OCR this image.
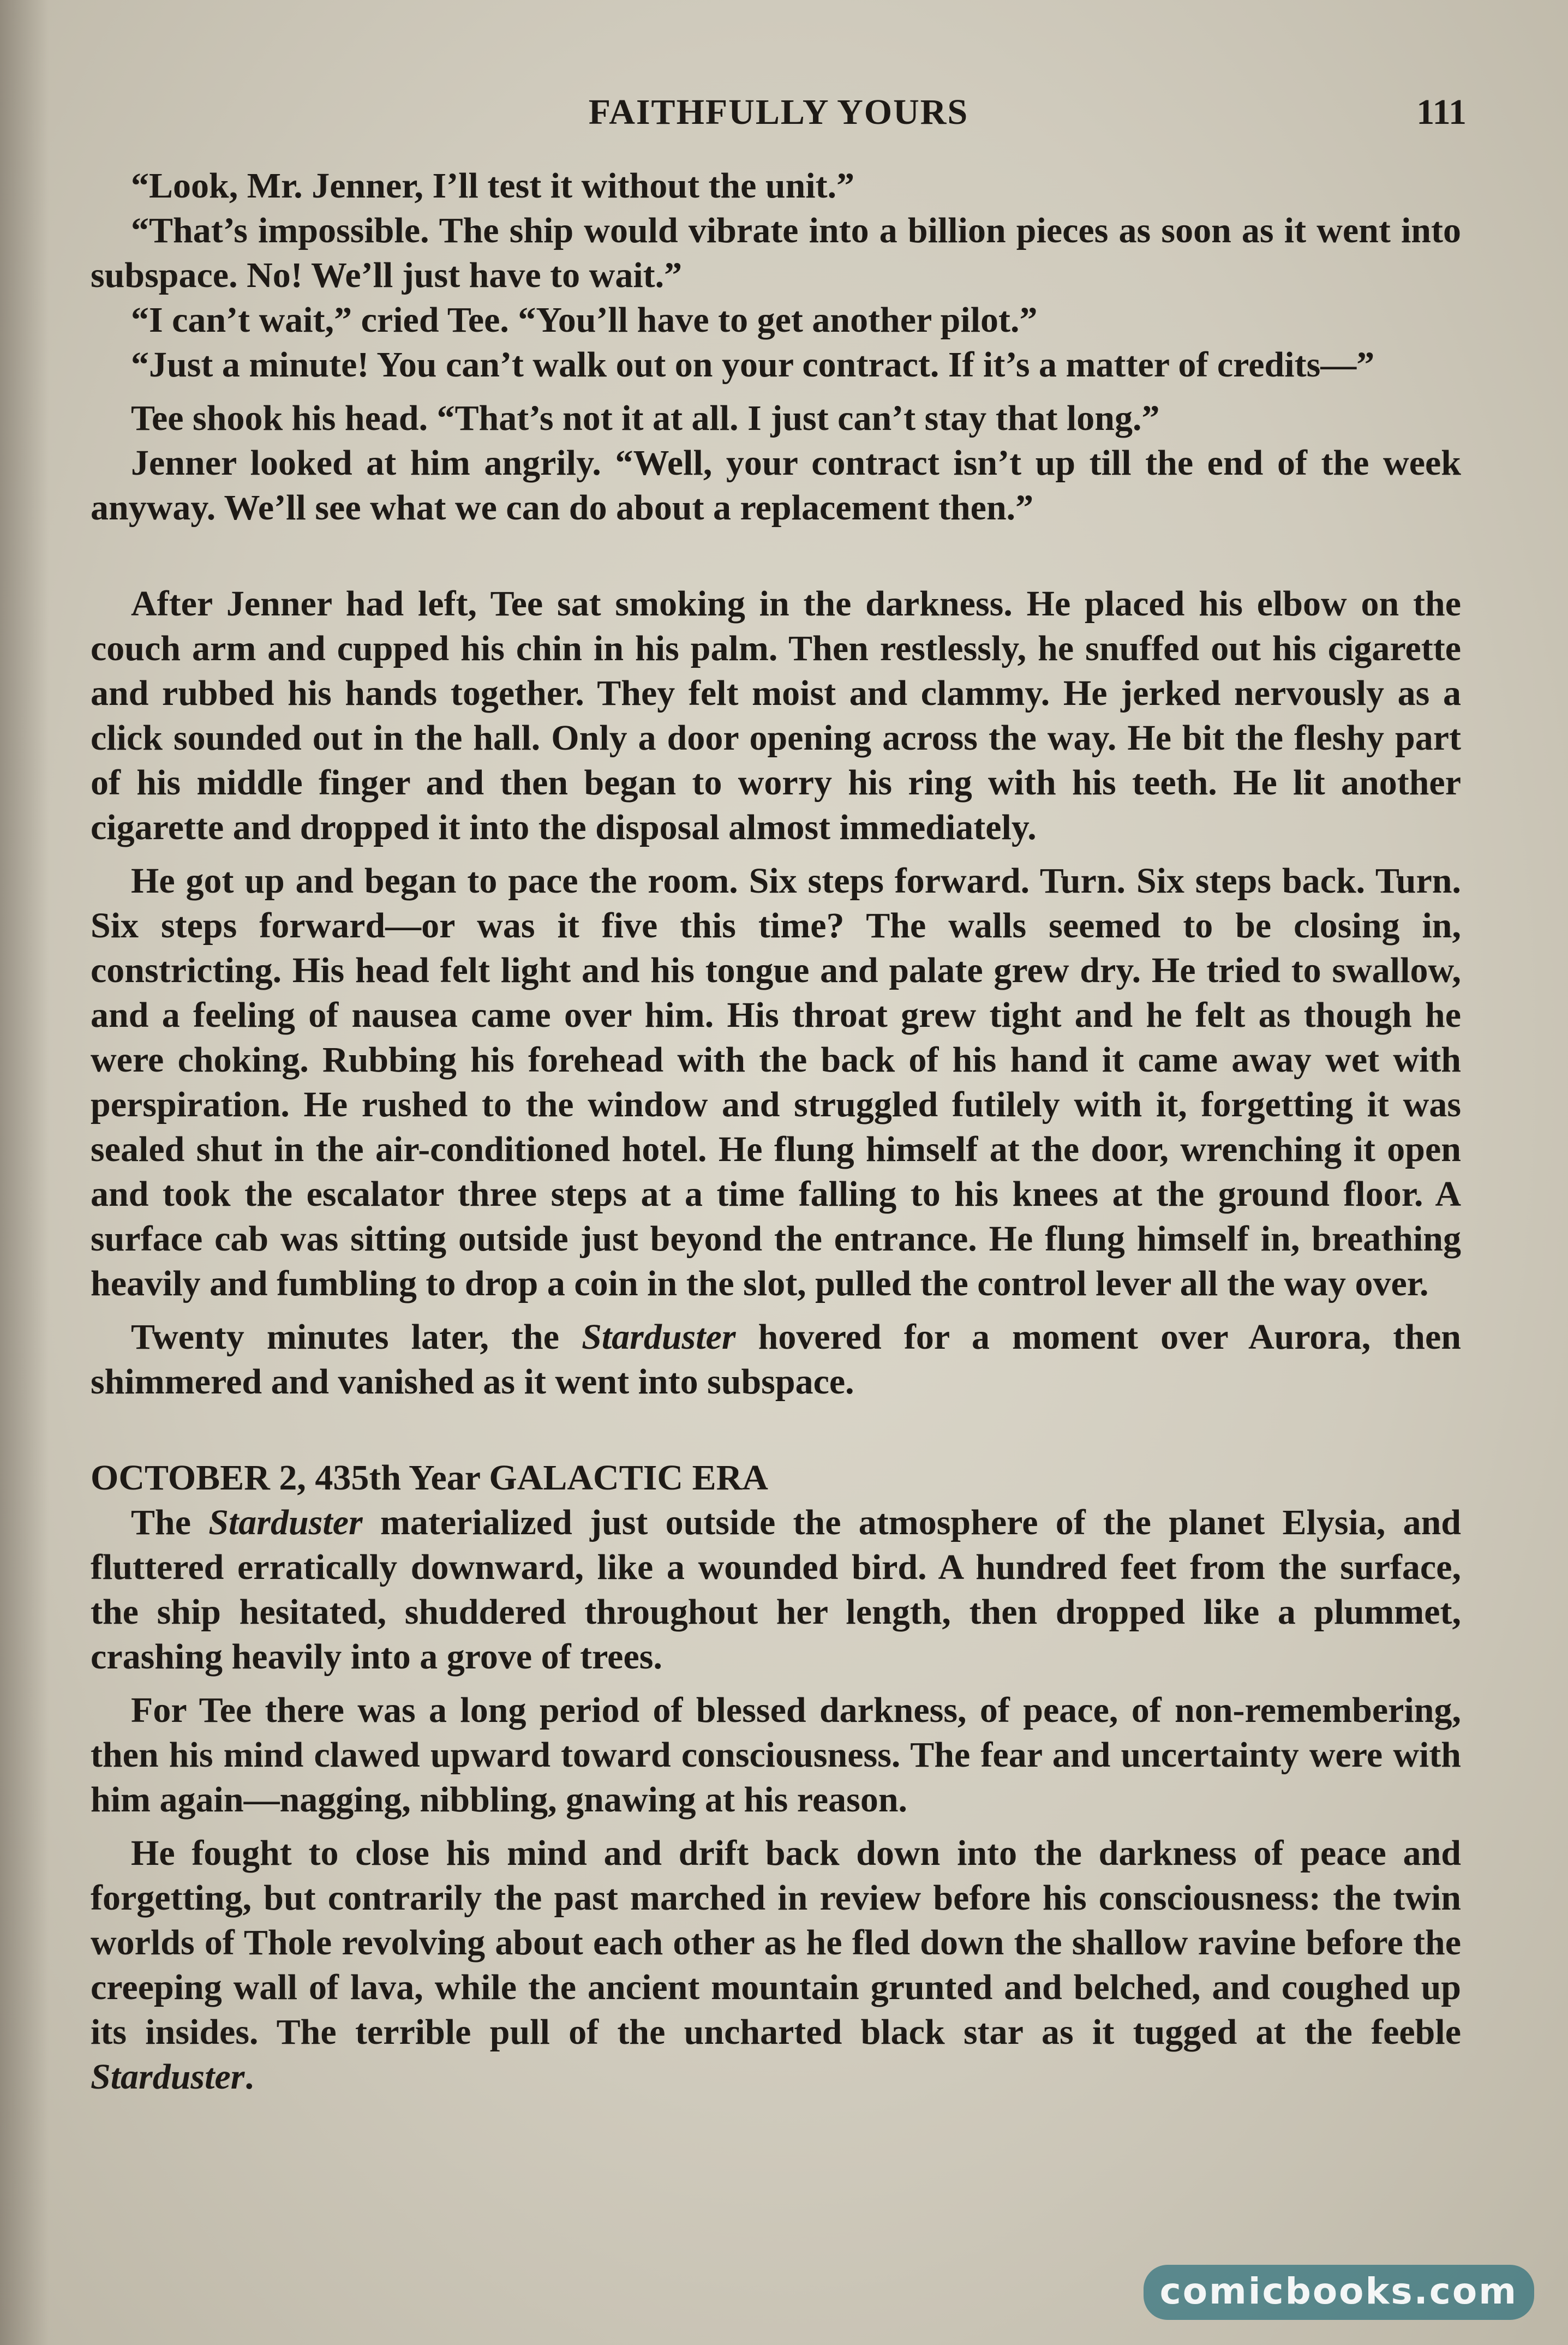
FAITHFULLY YOURS	111

“Look, Mr. Jenner, I’ll test it without the unit.”

“That’s impossible. The ship would vibrate into a billion pieces as soon as it went into subspace. No! We’ll just have to wait.”

“I can’t wait,” cried Tee. “You’ll have to get another pilot.”

“Just a minute! You can’t walk out on your contract. If it’s a matter of credits—”

Tee shook his head. “That’s not it at all. I just can’t stay that long.”

Jenner looked at him angrily. “Well, your contract isn’t up till the end of the week anyway. We’ll see what we can do about a replacement then.”

After Jenner had left, Tee sat smoking in the darkness. He placed his elbow on the couch arm and cupped his chin in his palm. Then restlessly, he snuffed out his cigarette and rubbed his hands together. They felt moist and clammy. He jerked nervously as a click sounded out in the hall. Only a door opening across the way. He bit the fleshy part of his middle finger and then began to worry his ring with his teeth. He lit another cigarette and dropped it into the disposal almost immediately.

He got up and began to pace the room. Six steps forward. Turn. Six steps back. Turn. Six steps forward—or was it five this time? The walls seemed to be closing in, constricting. His head felt light and his tongue and palate grew dry. He tried to swallow, and a feeling of nausea came over him. His throat grew tight and he felt as though he were choking. Rubbing his forehead with the back of his hand it came away wet with perspiration. He rushed to the window and struggled futilely with it, forgetting it was sealed shut in the air-conditioned hotel. He flung himself at the door, wrenching it open and took the escalator three steps at a time falling to his knees at the ground floor. A surface cab was sitting outside just beyond the entrance. He flung himself in, breathing heavily and fumbling to drop a coin in the slot, pulled the control lever all the way over.

Twenty minutes later, the Starduster hovered for a moment over Aurora, then shimmered and vanished as it went into subspace.

OCTOBER 2, 435th Year GALACTIC ERA

The Starduster materialized just outside the atmosphere of the planet Elysia, and fluttered erratically downward, like a wounded bird. A hundred feet from the surface, the ship hesitated, shuddered throughout her length, then dropped like a plummet, crashing heavily into a grove of trees.

For Tee there was a long period of blessed darkness, of peace, of non-remembering, then his mind clawed upward toward consciousness. The fear and uncertainty were with him again—nagging, nibbling, gnawing at his reason.

He fought to close his mind and drift back down into the darkness of peace and forgetting, but contrarily the past marched in review before his consciousness: the twin worlds of Thole revolving about each other as he fled down the shallow ravine before the creeping wall of lava, while the ancient mountain grunted and belched, and coughed up its insides. The terrible pull of the uncharted black star as it tugged at the feeble Starduster.

comicbooks.com
